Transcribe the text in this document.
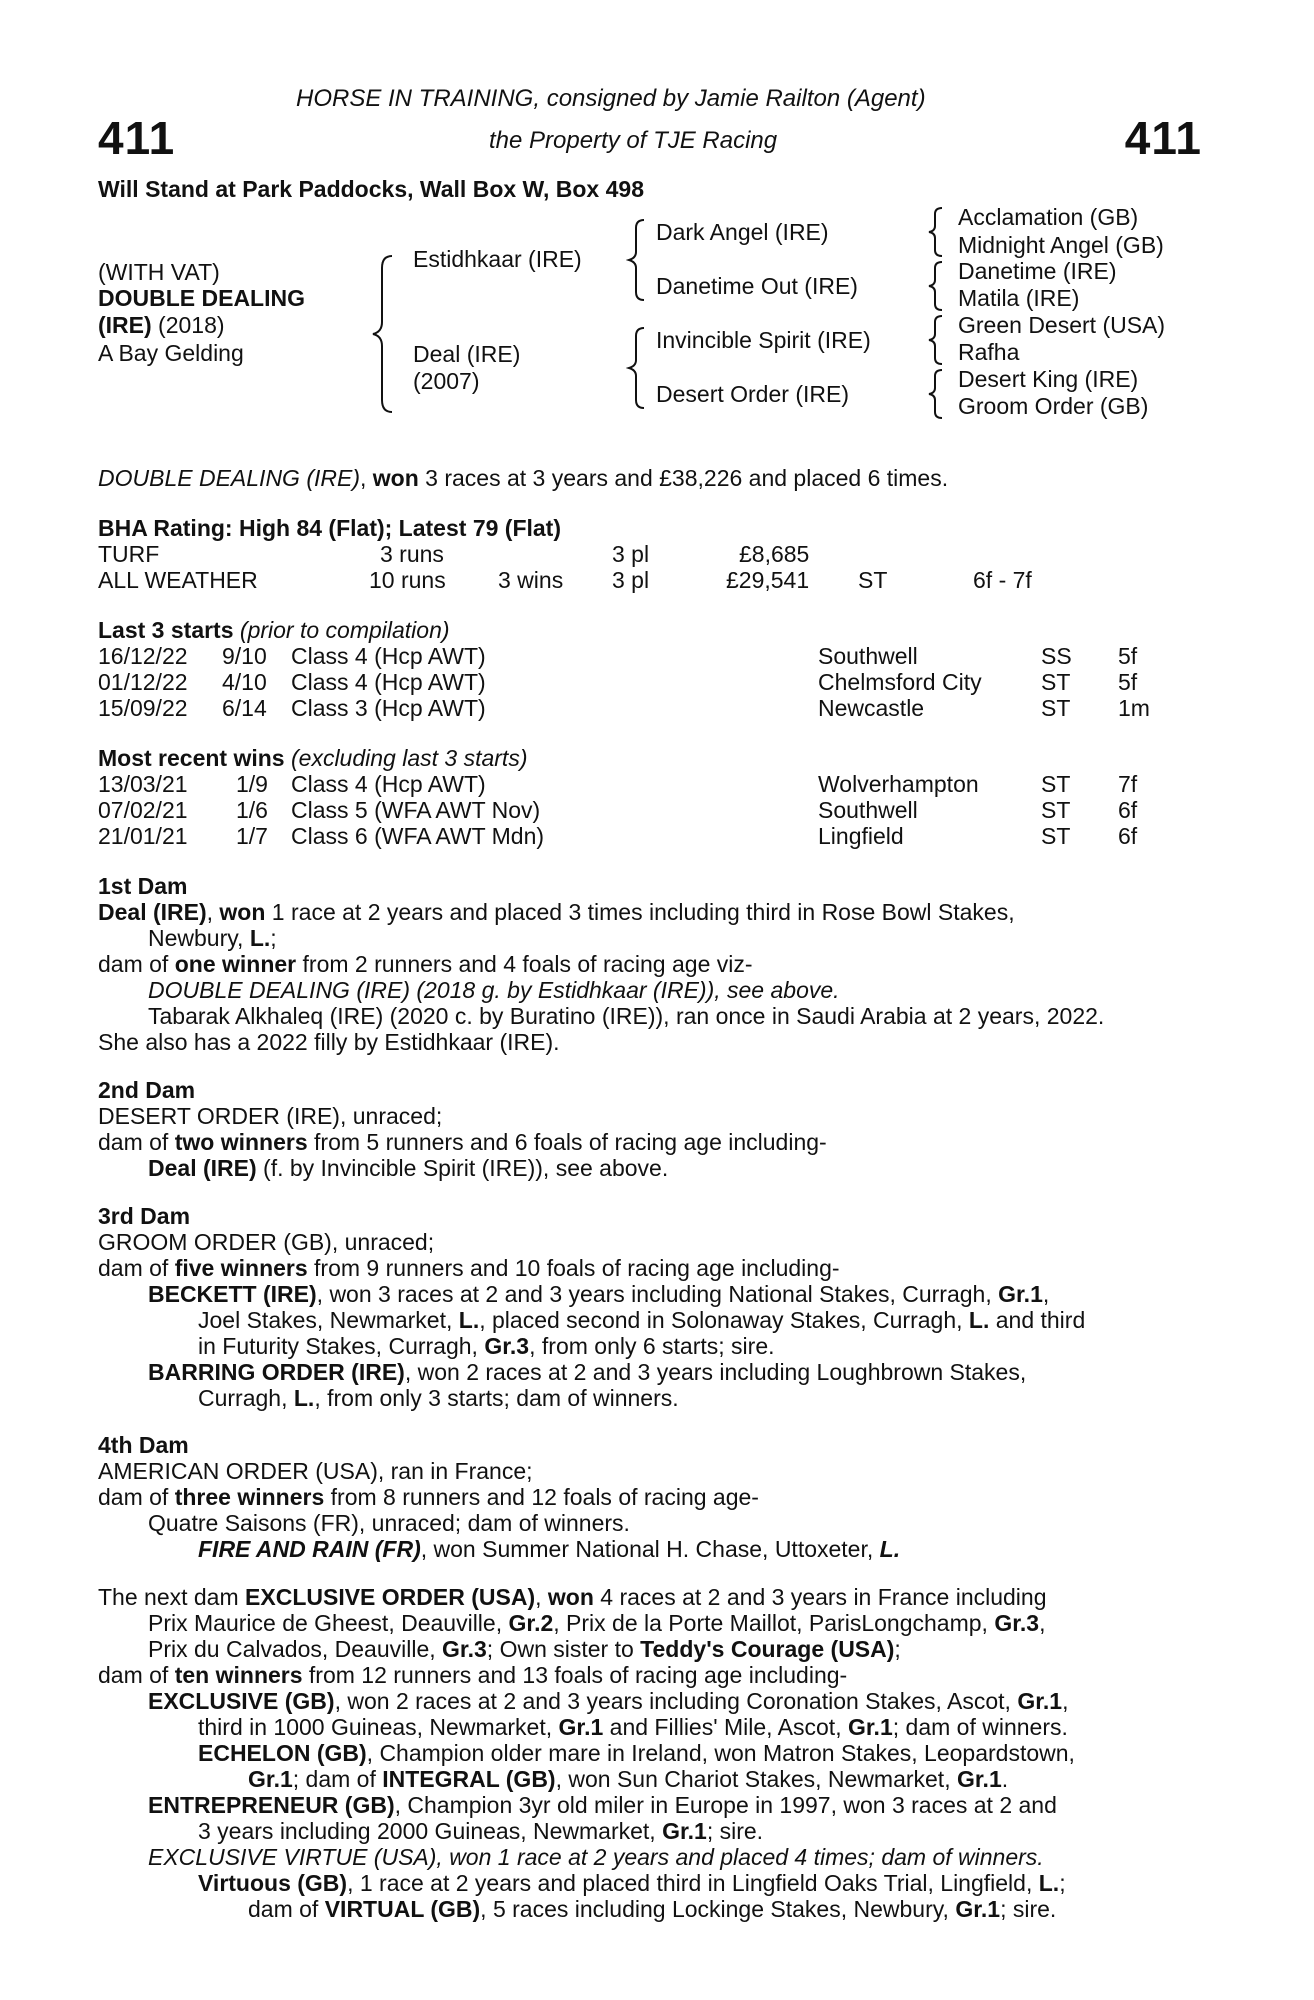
411	411
HORSE IN TRAINING, consigned by Jamie Railton (Agent)
the Property of TJE Racing
Will Stand at Park Paddocks, Wall Box W, Box 498
(WITH VAT)
DOUBLE DEALING
(IRE) (2018)
A Bay Gelding
Estidhkaar (IRE)
Deal (IRE)
(2007)
Dark Angel (IRE)
Danetime Out (IRE)
Invincible Spirit (IRE)
Desert Order (IRE)
Acclamation (GB)
Midnight Angel (GB)
Danetime (IRE)
Matila (IRE)
Green Desert (USA)
Rafha
Desert King (IRE)
Groom Order (GB)
DOUBLE DEALING (IRE), won 3 races at 3 years and £38,226 and placed 6 times.
BHA Rating: High 84 (Flat); Latest 79 (Flat)
TURF	3 runs	3 pl	£8,685
ALL WEATHER	10 runs 3 wins 3 pl	£29,541 ST	6f - 7f
Last 3 starts (prior to compilation)
16/12/22 9/10 Class 4 (Hcp AWT)	Southwell	SS 5f
01/12/22 4/10 Class 4 (Hcp AWT)	Chelmsford City	ST 5f
15/09/22 6/14 Class 3 (Hcp AWT)	Newcastle	ST 1m
Most recent wins (excluding last 3 starts)
13/03/21 1/9 Class 4 (Hcp AWT)	Wolverhampton	ST 7f
07/02/21 1/6 Class 5 (WFA AWT Nov)	Southwell	ST 6f
21/01/21 1/7 Class 6 (WFA AWT Mdn)	Lingfield	ST 6f
1st Dam
Deal (IRE), won 1 race at 2 years and placed 3 times including third in Rose Bowl Stakes,
Newbury, L.;
dam of one winner from 2 runners and 4 foals of racing age viz-
DOUBLE DEALING (IRE) (2018 g. by Estidhkaar (IRE)), see above.
Tabarak Alkhaleq (IRE) (2020 c. by Buratino (IRE)), ran once in Saudi Arabia at 2 years, 2022.
She also has a 2022 filly by Estidhkaar (IRE).
2nd Dam
DESERT ORDER (IRE), unraced;
dam of two winners from 5 runners and 6 foals of racing age including-
Deal (IRE) (f. by Invincible Spirit (IRE)), see above.
3rd Dam
GROOM ORDER (GB), unraced;
dam of five winners from 9 runners and 10 foals of racing age including-
BECKETT (IRE), won 3 races at 2 and 3 years including National Stakes, Curragh, Gr.1,
Joel Stakes, Newmarket, L., placed second in Solonaway Stakes, Curragh, L. and third
in Futurity Stakes, Curragh, Gr.3, from only 6 starts; sire.
BARRING ORDER (IRE), won 2 races at 2 and 3 years including Loughbrown Stakes,
Curragh, L., from only 3 starts; dam of winners.
4th Dam
AMERICAN ORDER (USA), ran in France;
dam of three winners from 8 runners and 12 foals of racing age-
Quatre Saisons (FR), unraced; dam of winners.
FIRE AND RAIN (FR), won Summer National H. Chase, Uttoxeter, L.
The next dam EXCLUSIVE ORDER (USA), won 4 races at 2 and 3 years in France including
Prix Maurice de Gheest, Deauville, Gr.2, Prix de la Porte Maillot, ParisLongchamp, Gr.3,
Prix du Calvados, Deauville, Gr.3; Own sister to Teddy's Courage (USA);
dam of ten winners from 12 runners and 13 foals of racing age including-
EXCLUSIVE (GB), won 2 races at 2 and 3 years including Coronation Stakes, Ascot, Gr.1,
third in 1000 Guineas, Newmarket, Gr.1 and Fillies' Mile, Ascot, Gr.1; dam of winners.
ECHELON (GB), Champion older mare in Ireland, won Matron Stakes, Leopardstown,
Gr.1; dam of INTEGRAL (GB), won Sun Chariot Stakes, Newmarket, Gr.1.
ENTREPRENEUR (GB), Champion 3yr old miler in Europe in 1997, won 3 races at 2 and
3 years including 2000 Guineas, Newmarket, Gr.1; sire.
EXCLUSIVE VIRTUE (USA), won 1 race at 2 years and placed 4 times; dam of winners.
Virtuous (GB), 1 race at 2 years and placed third in Lingfield Oaks Trial, Lingfield, L.;
dam of VIRTUAL (GB), 5 races including Lockinge Stakes, Newbury, Gr.1; sire.
